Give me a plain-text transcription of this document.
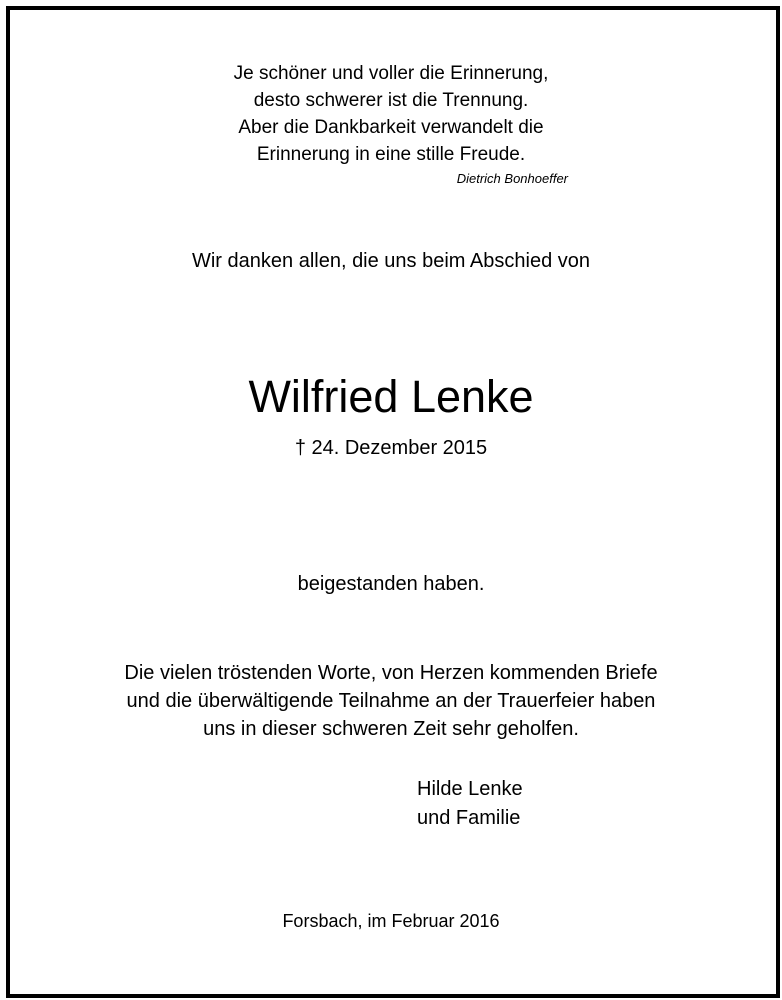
Je schöner und voller die Erinnerung,
desto schwerer ist die Trennung.
Aber die Dankbarkeit verwandelt die
Erinnerung in eine stille Freude.
Dietrich Bonhoeffer

Wir danken allen, die uns beim Abschied von

Wilfried Lenke

† 24. Dezember 2015

beigestanden haben.

Die vielen tröstenden Worte, von Herzen kommenden Briefe
und die überwältigende Teilnahme an der Trauerfeier haben
uns in dieser schweren Zeit sehr geholfen.
Hilde Lenke
und Familie

Forsbach, im Februar 2016
